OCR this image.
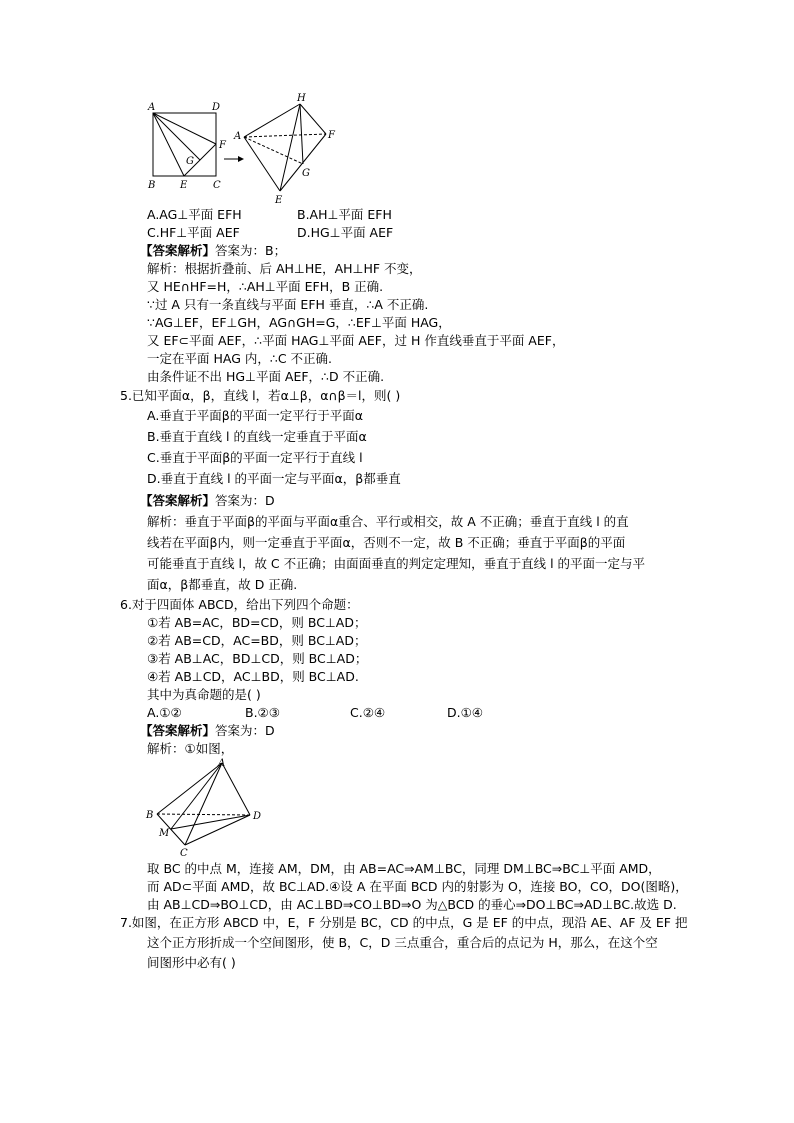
A	D
F
G
B E	C
H
A	F
G
E
A.AG⊥平面 EFH	B.AH⊥平面 EFH
C.HF⊥平面 AEF	D.HG⊥平面 AEF
【答案解析】答案为：B；
解析：根据折叠前、后 AH⊥HE，AH⊥HF 不变，
又 HE∩HF=H，∴AH⊥平面 EFH，B 正确.
∵过 A 只有一条直线与平面 EFH 垂直，∴A 不正确.
∵AG⊥EF，EF⊥GH，AG∩GH=G，∴EF⊥平面 HAG，
又 EF⊂平面 AEF，∴平面 HAG⊥平面 AEF，过 H 作直线垂直于平面 AEF，
一定在平面 HAG 内，∴C 不正确.
由条件证不出 HG⊥平面 AEF，∴D 不正确.
5.已知平面α，β，直线 l，若α⊥β，α∩β＝l，则( )
A.垂直于平面β的平面一定平行于平面α
B.垂直于直线 l 的直线一定垂直于平面α
C.垂直于平面β的平面一定平行于直线 l
D.垂直于直线 l 的平面一定与平面α，β都垂直
【答案解析】答案为：D
解析：垂直于平面β的平面与平面α重合、平行或相交，故 A 不正确；垂直于直线 l 的直
线若在平面β内，则一定垂直于平面α，否则不一定，故 B 不正确；垂直于平面β的平面
可能垂直于直线 l，故 C 不正确；由面面垂直的判定定理知，垂直于直线 l 的平面一定与平
面α，β都垂直，故 D 正确.
6.对于四面体 ABCD，给出下列四个命题：
①若 AB=AC，BD=CD，则 BC⊥AD；
②若 AB=CD，AC=BD，则 BC⊥AD；
③若 AB⊥AC，BD⊥CD，则 BC⊥AD；
④若 AB⊥CD，AC⊥BD，则 BC⊥AD.
其中为真命题的是( )
A.①②	B.②③	C.②④	D.①④
【答案解析】答案为：D
解析：①如图，
A
B	D
M
C
取 BC 的中点 M，连接 AM，DM，由 AB=AC⇒AM⊥BC，同理 DM⊥BC⇒BC⊥平面 AMD，
而 AD⊂平面 AMD，故 BC⊥AD.④设 A 在平面 BCD 内的射影为 O，连接 BO，CO，DO(图略)，
由 AB⊥CD⇒BO⊥CD，由 AC⊥BD⇒CO⊥BD⇒O 为△BCD 的垂心⇒DO⊥BC⇒AD⊥BC.故选 D.
7.如图，在正方形 ABCD 中，E，F 分别是 BC，CD 的中点，G 是 EF 的中点，现沿 AE、AF 及 EF 把
这个正方形折成一个空间图形，使 B，C，D 三点重合，重合后的点记为 H，那么，在这个空
间图形中必有( )
